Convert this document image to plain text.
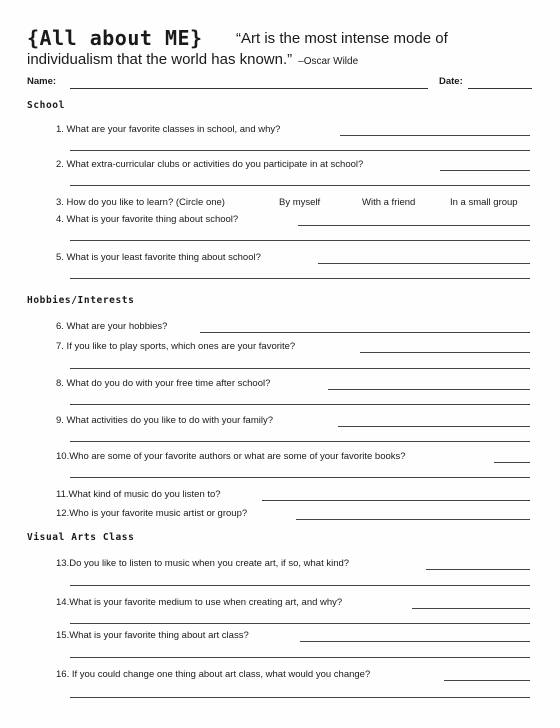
{All about ME} “Art is the most intense mode of
individualism that the world has known.” –Oscar Wilde
Name:	Date:
School
1. What are your favorite classes in school, and why?
2. What extra-curricular clubs or activities do you participate in at school?
3. How do you like to learn? (Circle one)	By myself	With a friend	In a small group
4. What is your favorite thing about school?
5. What is your least favorite thing about school?
Hobbies/Interests
6. What are your hobbies?
7. If you like to play sports, which ones are your favorite?
8. What do you do with your free time after school?
9. What activities do you like to do with your family?
10.Who are some of your favorite authors or what are some of your favorite books?
11.What kind of music do you listen to?
12.Who is your favorite music artist or group?
Visual Arts Class
13.Do you like to listen to music when you create art, if so, what kind?
14.What is your favorite medium to use when creating art, and why?
15.What is your favorite thing about art class?
16. If you could change one thing about art class, what would you change?
